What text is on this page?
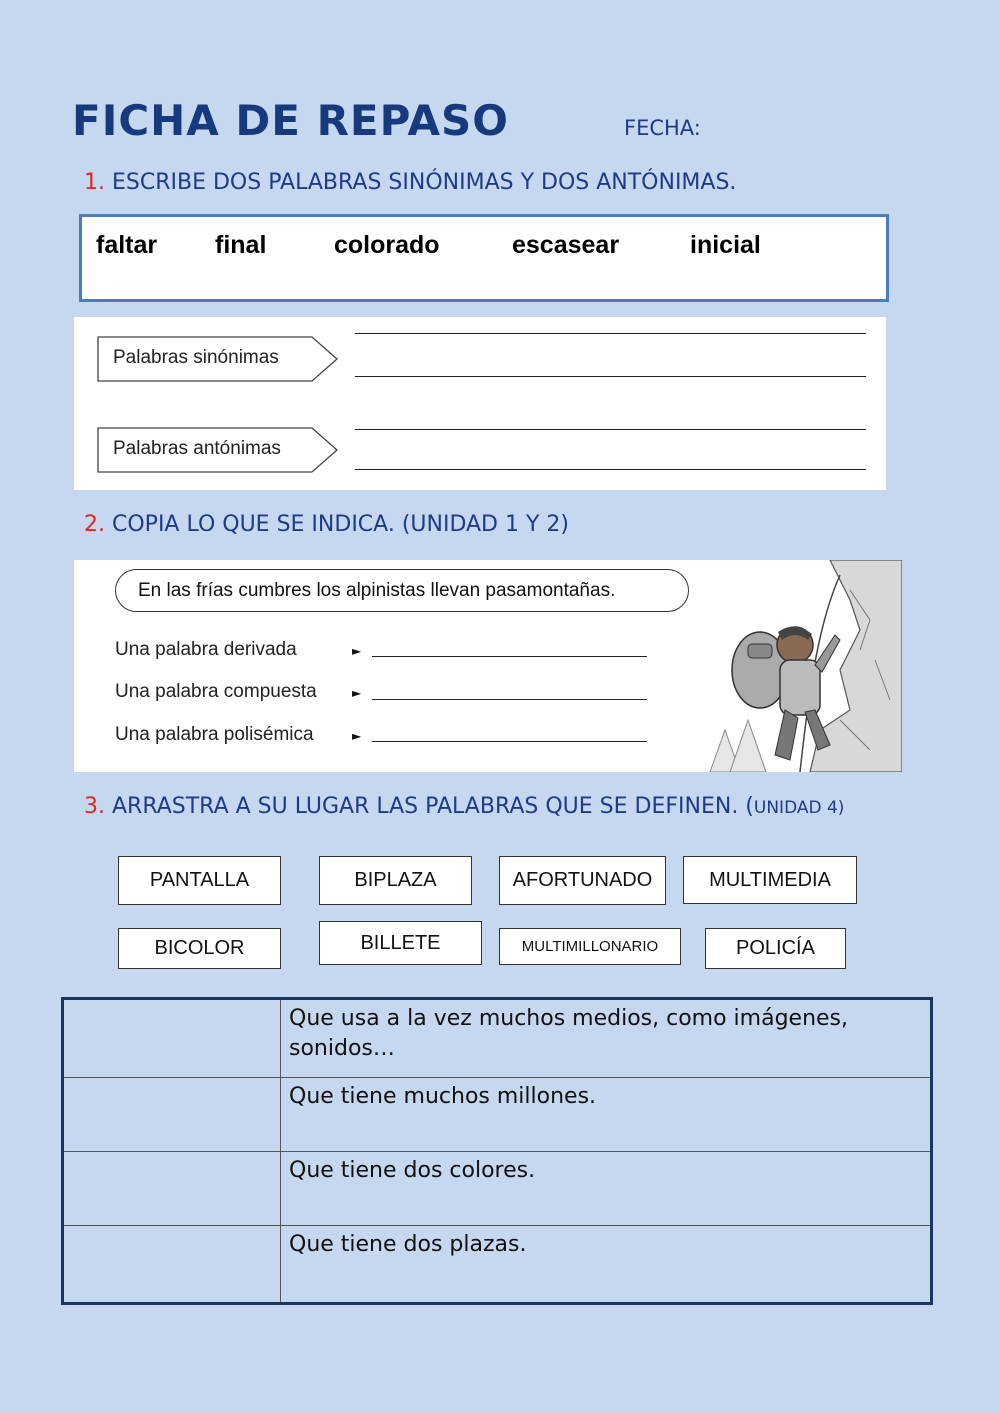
FICHA DE REPASO	FECHA:
1. ESCRIBE DOS PALABRAS SINÓNIMAS Y DOS ANTÓNIMAS.
faltar final	colorado	escasear	inicial
Palabras sinónimas
Palabras antónimas
2. COPIA LO QUE SE INDICA. (UNIDAD 1 Y 2)
En las frías cumbres los alpinistas llevan pasamontañas.
Una palabra derivada	►
Una palabra compuesta	►
Una palabra polisémica	►
3. ARRASTRA A SU LUGAR LAS PALABRAS QUE SE DEFINEN. (UNIDAD 4)
PANTALLA	BIPLAZA	AFORTUNADO	MULTIMEDIA
BICOLOR	BILLETE	MULTIMILLONARIO	POLICÍA
	Que usa a la vez muchos medios, como imágenes, sonidos…
	Que tiene muchos millones.
	Que tiene dos colores.
	Que tiene dos plazas.
